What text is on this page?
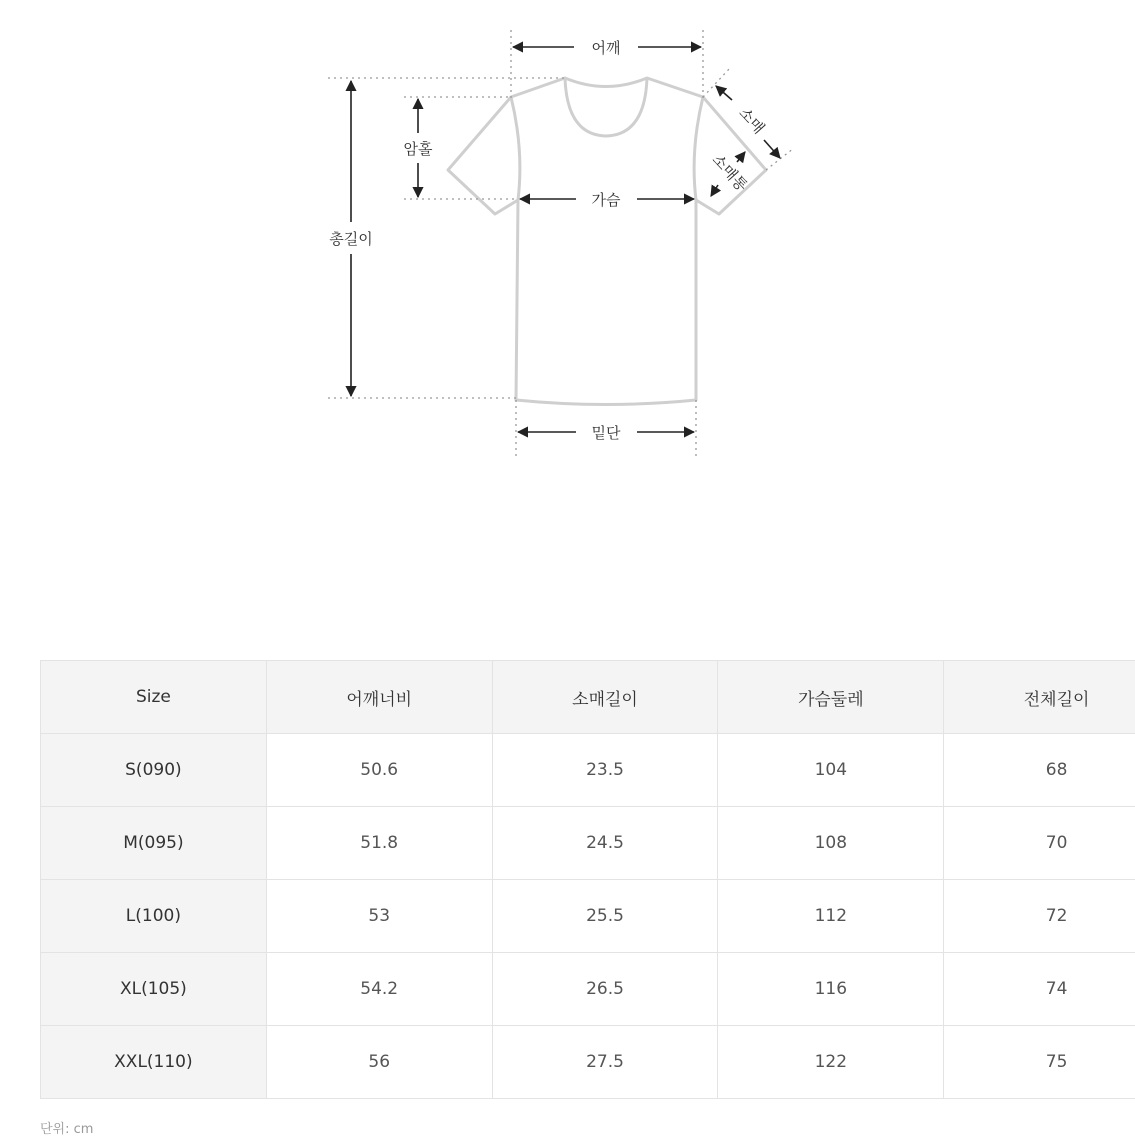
어깨
총길이
암홀
가슴
밑단
소매
소매통
Size	어깨너비	소매길이	가슴둘레	전체길이
S(090)	50.6	23.5	104	68
M(095)	51.8	24.5	108	70
L(100)	53	25.5	112	72
XL(105)	54.2	26.5	116	74
XXL(110)	56	27.5	122	75
단위: cm
